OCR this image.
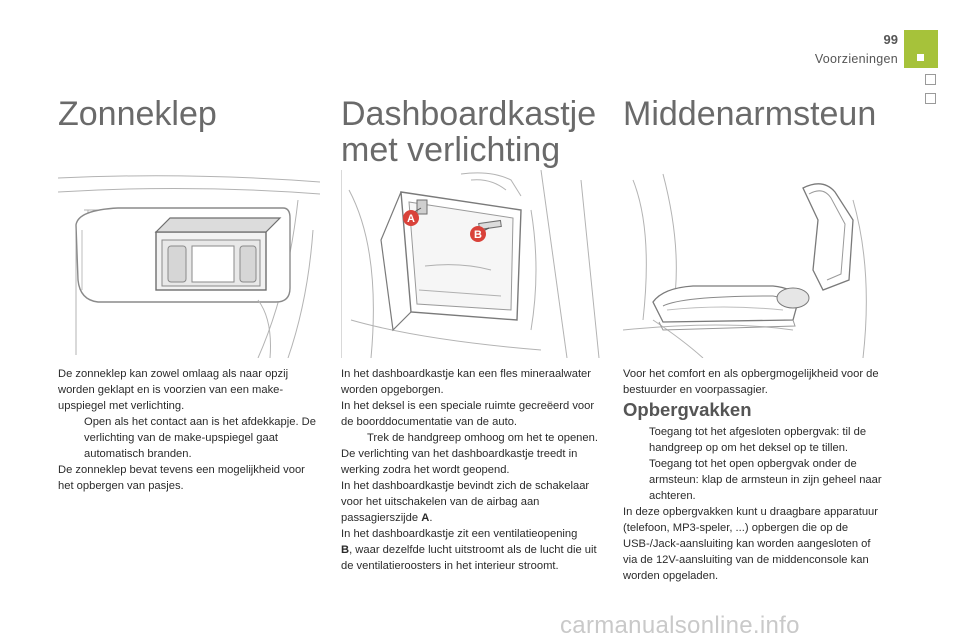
99
Voorzieningen
Zonneklep	Dashboardkastje
met verlichting
Middenarmsteun
A
B

De zonneklep kan zowel omlaag als naar opzij worden geklapt en is voorzien van een make-upspiegel met verlichting.

Open als het contact aan is het afdekkapje. De verlichting van de make-upspiegel gaat automatisch branden.

De zonneklep bevat tevens een mogelijkheid voor het opbergen van pasjes.

In het dashboardkastje kan een fles mineraalwater worden opgeborgen.

In het deksel is een speciale ruimte gecreëerd voor de boorddocumentatie van de auto.

Trek de handgreep omhoog om het te openen.

De verlichting van het dashboardkastje treedt in werking zodra het wordt geopend.

In het dashboardkastje bevindt zich de schakelaar voor het uitschakelen van de airbag aan passagierszijde A.

In het dashboardkastje zit een ventilatieopening

B, waar dezelfde lucht uitstroomt als de lucht die uit de ventilatieroosters in het interieur stroomt.

Voor het comfort en als opbergmogelijkheid voor de bestuurder en voorpassagier.

Opbergvakken
Toegang tot het afgesloten opbergvak: til de handgreep op om het deksel op te tillen.
Toegang tot het open opbergvak onder de armsteun: klap de armsteun in zijn geheel naar achteren.

In deze opbergvakken kunt u draagbare apparatuur (telefoon, MP3-speler, ...) opbergen die op de USB-/Jack-aansluiting kan worden aangesloten of via de 12V-aansluiting van de middenconsole kan worden opgeladen.

carmanualsonline.info
